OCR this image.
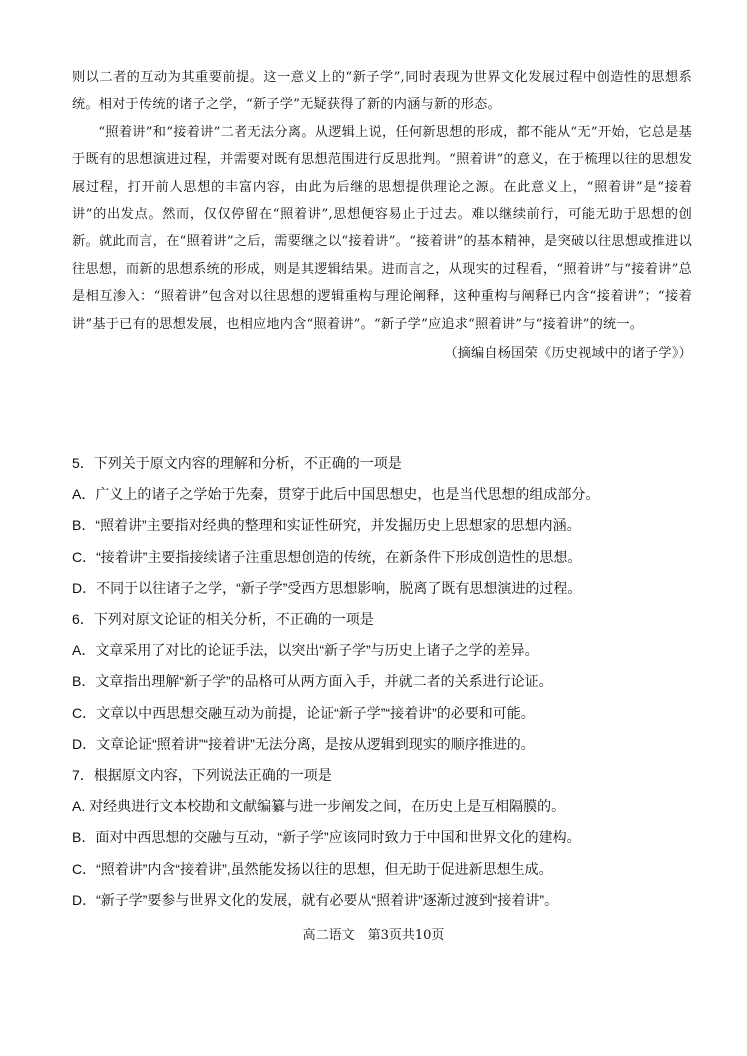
则以二者的互动为其重要前提。这一意义上的“新子学”,同时表现为世界文化发展过程中创造性的思想系统。相对于传统的诸子之学，“新子学”无疑获得了新的内涵与新的形态。

“照着讲”和“接着讲”二者无法分离。从逻辑上说，任何新思想的形成，都不能从“无”开始，它总是基于既有的思想演进过程，并需要对既有思想范围进行反思批判。“照着讲”的意义，在于梳理以往的思想发展过程，打开前人思想的丰富内容，由此为后继的思想提供理论之源。在此意义上，“照着讲”是“接着讲”的出发点。然而，仅仅停留在“照着讲”,思想便容易止于过去。难以继续前行，可能无助于思想的创新。就此而言，在“照着讲”之后，需要继之以“接着讲”。“接着讲”的基本精神，是突破以往思想或推进以往思想，而新的思想系统的形成，则是其逻辑结果。进而言之，从现实的过程看，“照着讲”与“接着讲”总是相互渗入：“照着讲”包含对以往思想的逻辑重构与理论阐释，这种重构与阐释已内含“接着讲”；“接着讲”基于已有的思想发展，也相应地内含“照着讲”。“新子学”应追求“照着讲”与“接着讲”的统一。

（摘编自杨国荣《历史视域中的诸子学》）

5．下列关于原文内容的理解和分析，不正确的一项是

A．广义上的诸子之学始于先秦，贯穿于此后中国思想史，也是当代思想的组成部分。

B．“照着讲”主要指对经典的整理和实证性研究，并发掘历史上思想家的思想内涵。

C．“接着讲”主要指接续诸子注重思想创造的传统，在新条件下形成创造性的思想。

D．不同于以往诸子之学，“新子学”受西方思想影响，脱离了既有思想演进的过程。

6．下列对原文论证的相关分析，不正确的一项是

A．文章采用了对比的论证手法，以突出“新子学”与历史上诸子之学的差异。

B．文章指出理解“新子学”的品格可从两方面入手，并就二者的关系进行论证。

C．文章以中西思想交融互动为前提，论证“新子学”“接着讲”的必要和可能。

D．文章论证“照着讲”“接着讲”无法分离，是按从逻辑到现实的顺序推进的。

7．根据原文内容，下列说法正确的一项是

A. 对经典进行文本校勘和文献编纂与进一步阐发之间，在历史上是互相隔膜的。

B．面对中西思想的交融与互动，“新子学”应该同时致力于中国和世界文化的建构。

C．“照着讲”内含“接着讲”,虽然能发扬以往的思想，但无助于促进新思想生成。

D．“新子学”要参与世界文化的发展，就有必要从“照着讲”逐渐过渡到“接着讲”。

高二语文　第3页共10页
